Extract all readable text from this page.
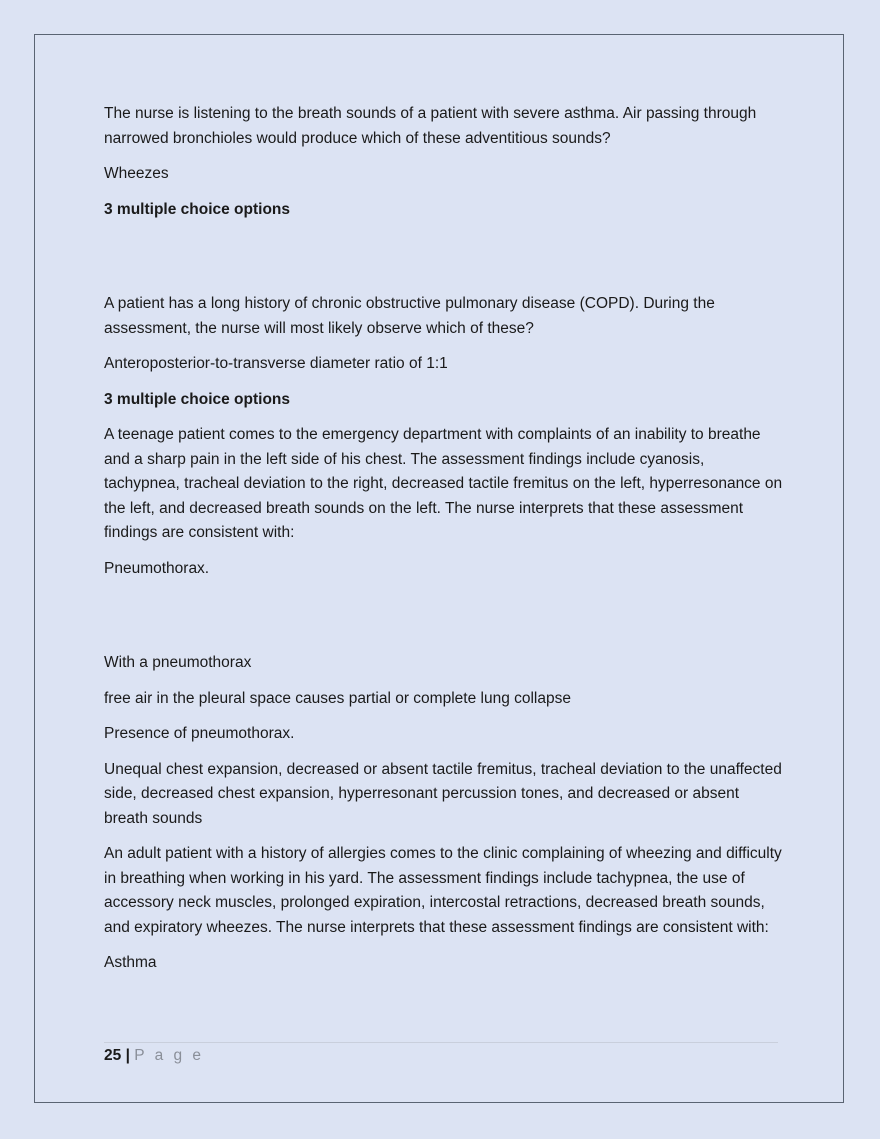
The nurse is listening to the breath sounds of a patient with severe asthma. Air passing through narrowed bronchioles would produce which of these adventitious sounds?

Wheezes

3 multiple choice options

A patient has a long history of chronic obstructive pulmonary disease (COPD). During the assessment, the nurse will most likely observe which of these?

Anteroposterior-to-transverse diameter ratio of 1:1

3 multiple choice options

A teenage patient comes to the emergency department with complaints of an inability to breathe and a sharp pain in the left side of his chest. The assessment findings include cyanosis, tachypnea, tracheal deviation to the right, decreased tactile fremitus on the left, hyperresonance on the left, and decreased breath sounds on the left. The nurse interprets that these assessment findings are consistent with:

Pneumothorax.

With a pneumothorax

free air in the pleural space causes partial or complete lung collapse

Presence of pneumothorax.

Unequal chest expansion, decreased or absent tactile fremitus, tracheal deviation to the unaffected side, decreased chest expansion, hyperresonant percussion tones, and decreased or absent breath sounds

An adult patient with a history of allergies comes to the clinic complaining of wheezing and difficulty in breathing when working in his yard. The assessment findings include tachypnea, the use of accessory neck muscles, prolonged expiration, intercostal retractions, decreased breath sounds, and expiratory wheezes. The nurse interprets that these assessment findings are consistent with:

Asthma

25 | P a g e
